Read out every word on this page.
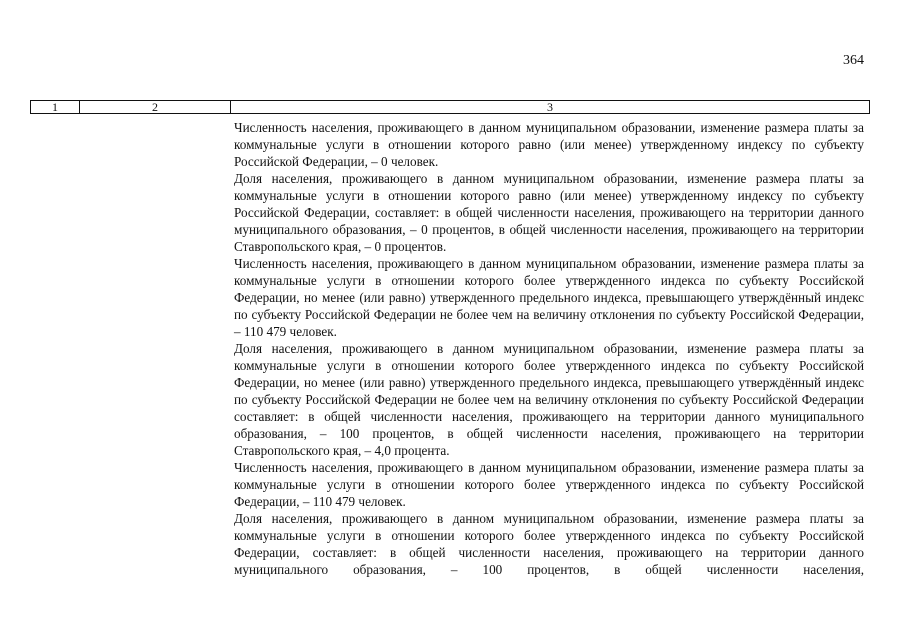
364
1	2	3

Численность населения, проживающего в данном муниципальном образовании, изменение размера платы за коммунальные услуги в отношении которого равно (или менее) утвержденному индексу по субъекту Российской Федерации, – 0 человек.

Доля населения, проживающего в данном муниципальном образовании, изменение размера платы за коммунальные услуги в отношении которого равно (или менее) утвержденному индексу по субъекту Российской Федерации, составляет: в общей численности населения, проживающего на территории данного муниципального образования, – 0 процентов, в общей численности населения, проживающего на территории Ставропольского края, – 0 процентов.

Численность населения, проживающего в данном муниципальном образовании, изменение размера платы за коммунальные услуги в отношении которого более утвержденного индекса по субъекту Российской Федерации, но менее (или равно) утвержденного предельного индекса, превышающего утверждённый индекс по субъекту Российской Федерации не более чем на величину отклонения по субъекту Российской Федерации, – 110 479 человек.

Доля населения, проживающего в данном муниципальном образовании, изменение размера платы за коммунальные услуги в отношении которого более утвержденного индекса по субъекту Российской Федерации, но менее (или равно) утвержденного предельного индекса, превышающего утверждённый индекс по субъекту Российской Федерации не более чем на величину отклонения по субъекту Российской Федерации составляет: в общей численности населения, проживающего на территории данного муниципального образования, – 100 процентов, в общей численности населения, проживающего на территории Ставропольского края, – 4,0 процента.

Численность населения, проживающего в данном муниципальном образовании, изменение размера платы за коммунальные услуги в отношении которого более утвержденного индекса по субъекту Российской Федерации, – 110 479 человек.

Доля населения, проживающего в данном муниципальном образовании, изменение размера платы за коммунальные услуги в отношении которого более утвержденного индекса по субъекту Российской Федерации, составляет: в общей численности населения, проживающего на территории данного муниципального образования, – 100 процентов, в общей численности населения,
